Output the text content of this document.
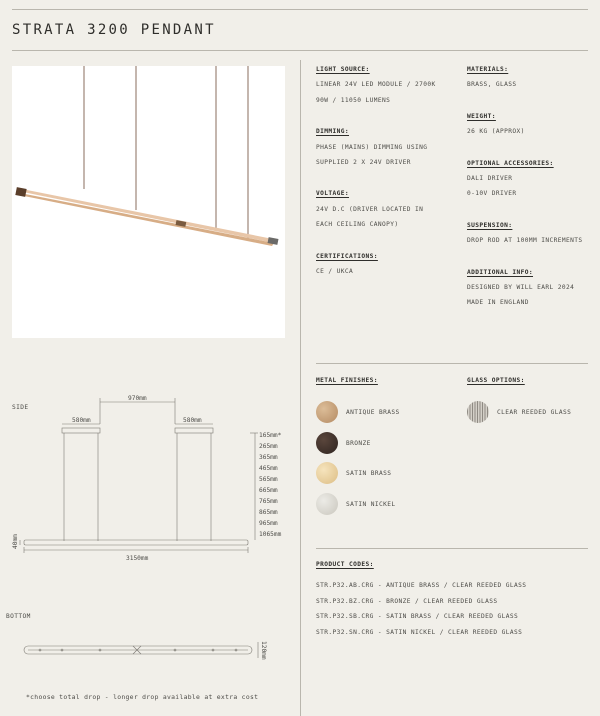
STRATA 3200 PENDANT
LIGHT SOURCE:
LINEAR 24V LED MODULE / 2700K
90W / 11050 LUMENS
DIMMING:
PHASE (MAINS) DIMMING USING
SUPPLIED 2 X 24V DRIVER
VOLTAGE:
24V D.C (DRIVER LOCATED IN
EACH CEILING CANOPY)
CERTIFICATIONS:
CE / UKCA
MATERIALS:
BRASS, GLASS
WEIGHT:
26 KG (APPROX)
OPTIONAL ACCESSORIES:
DALI DRIVER
0-10V DRIVER
SUSPENSION:
DROP ROD AT 100MM INCREMENTS
ADDITIONAL INFO:
DESIGNED BY WILL EARL 2024
MADE IN ENGLAND
METAL FINISHES:	GLASS OPTIONS:
ANTIQUE BRASS
BRONZE
SATIN BRASS
SATIN NICKEL
CLEAR REEDED GLASS
PRODUCT CODES:
STR.P32.AB.CRG - ANTIQUE BRASS / CLEAR REEDED GLASS
STR.P32.BZ.CRG - BRONZE / CLEAR REEDED GLASS
STR.P32.SB.CRG - SATIN BRASS / CLEAR REEDED GLASS
STR.P32.SN.CRG - SATIN NICKEL / CLEAR REEDED GLASS
SIDE
970mm
580mm	580mm
3150mm
40mm
165mm*
265mm
365mm
465mm
565mm
665mm
765mm
865mm
965mm
1065mm
BOTTOM
120mm
*choose total drop - longer drop available at extra cost
